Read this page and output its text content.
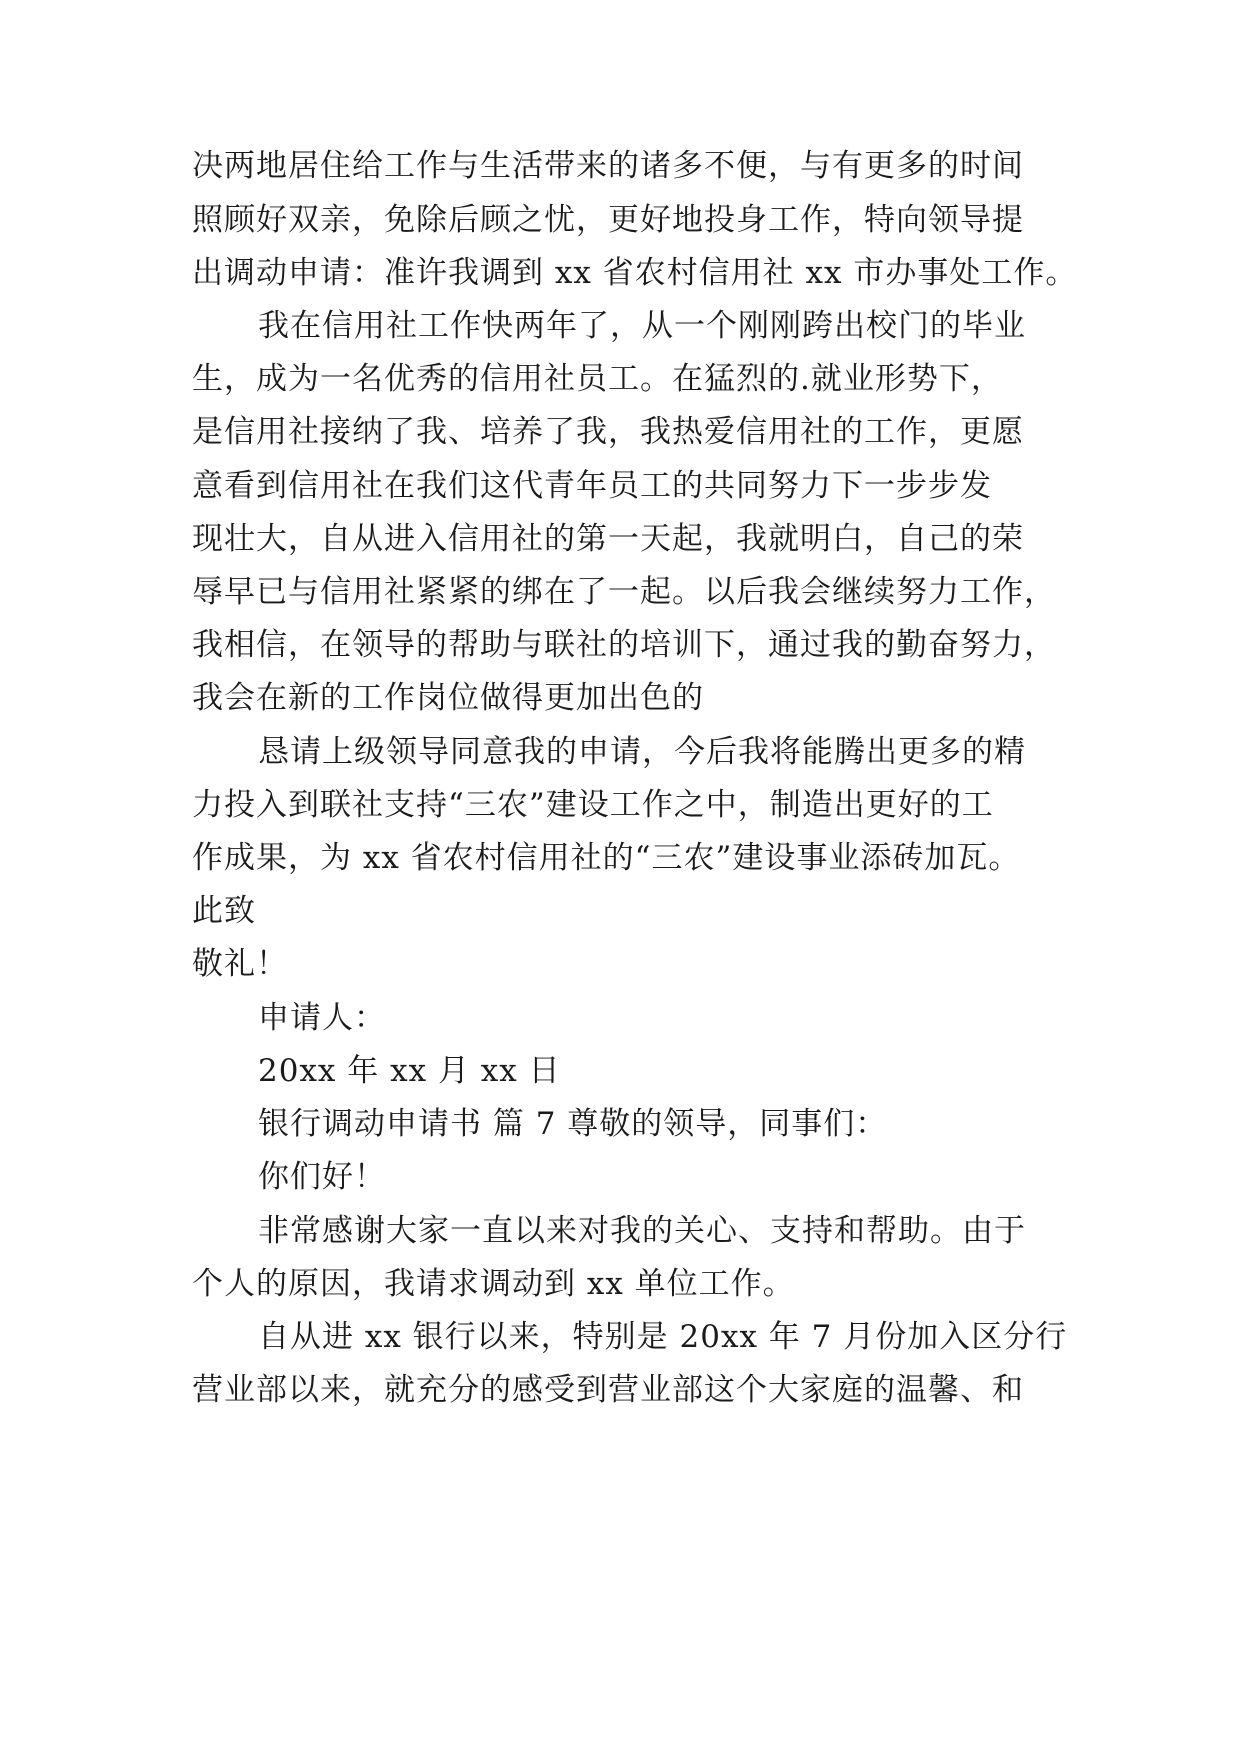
决两地居住给工作与生活带来的诸多不便，与有更多的时间
照顾好双亲，免除后顾之忧，更好地投身工作，特向领导提
出调动申请：准许我调到 xx 省农村信用社 xx 市办事处工作。
我在信用社工作快两年了，从一个刚刚跨出校门的毕业
生，成为一名优秀的信用社员工。在猛烈的.就业形势下，
是信用社接纳了我、培养了我，我热爱信用社的工作，更愿
意看到信用社在我们这代青年员工的共同努力下一步步发
现壮大，自从进入信用社的第一天起，我就明白，自己的荣
辱早已与信用社紧紧的绑在了一起。以后我会继续努力工作，
我相信，在领导的帮助与联社的培训下，通过我的勤奋努力，
我会在新的工作岗位做得更加出色的
恳请上级领导同意我的申请，今后我将能腾出更多的精
力投入到联社支持“三农”建设工作之中，制造出更好的工
作成果，为 xx 省农村信用社的“三农”建设事业添砖加瓦。
此致
敬礼！
申请人：
20xx 年 xx 月 xx 日
银行调动申请书 篇 7 尊敬的领导，同事们：
你们好！
非常感谢大家一直以来对我的关心、支持和帮助。由于
个人的原因，我请求调动到 xx 单位工作。
自从进 xx 银行以来，特别是 20xx 年 7 月份加入区分行
营业部以来，就充分的感受到营业部这个大家庭的温馨、和
